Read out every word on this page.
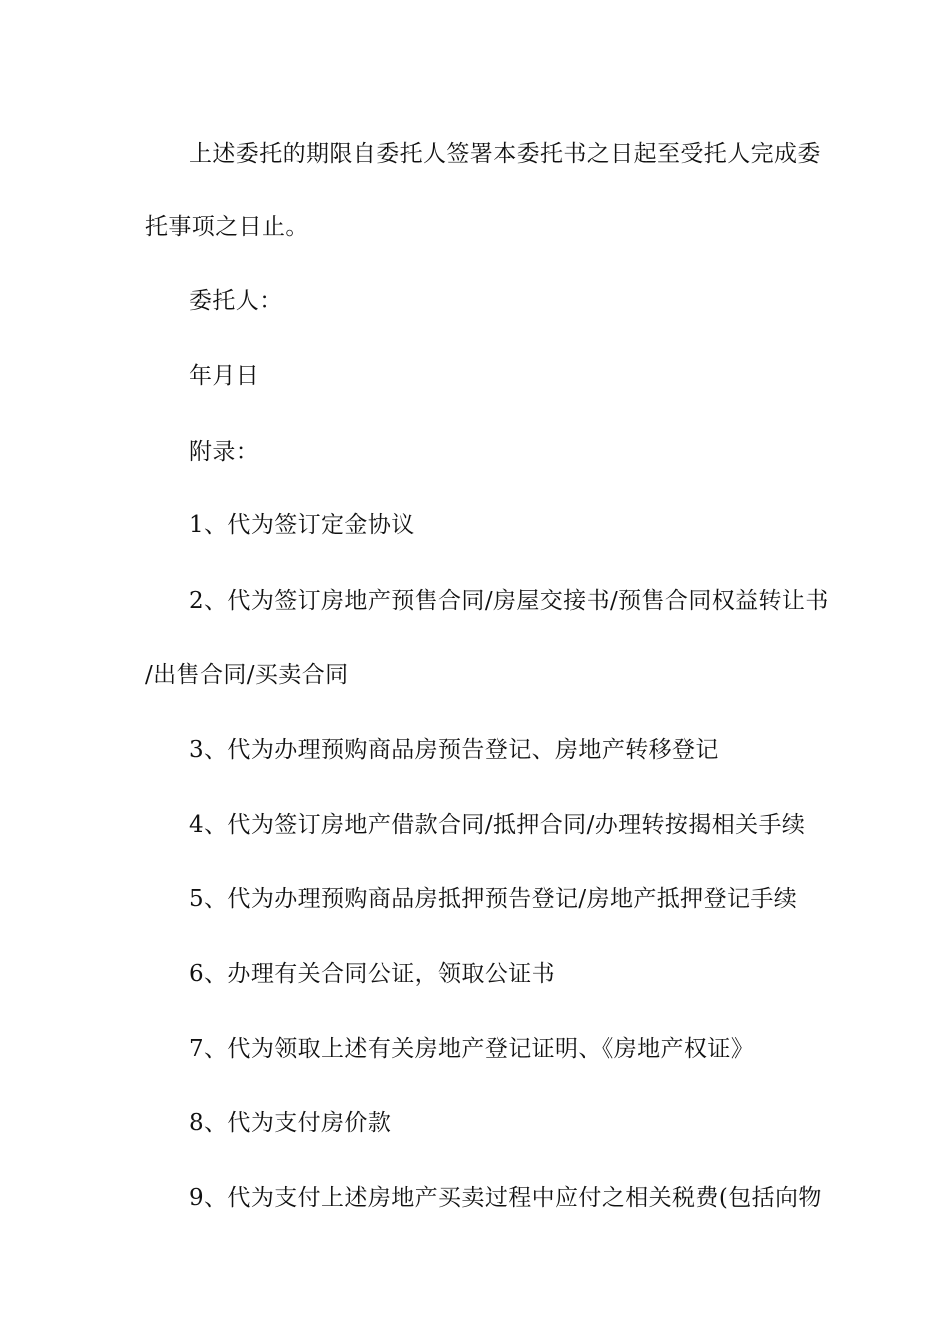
上述委托的期限自委托人签署本委托书之日起至受托人完成委
托事项之日止。
委托人：
年月日
附录：
1、代为签订定金协议
2、代为签订房地产预售合同/房屋交接书/预售合同权益转让书
/出售合同/买卖合同
3、代为办理预购商品房预告登记、房地产转移登记
4、代为签订房地产借款合同/抵押合同/办理转按揭相关手续
5、代为办理预购商品房抵押预告登记/房地产抵押登记手续
6、办理有关合同公证，领取公证书
7、代为领取上述有关房地产登记证明、《房地产权证》
8、代为支付房价款
9、代为支付上述房地产买卖过程中应付之相关税费(包括向物
